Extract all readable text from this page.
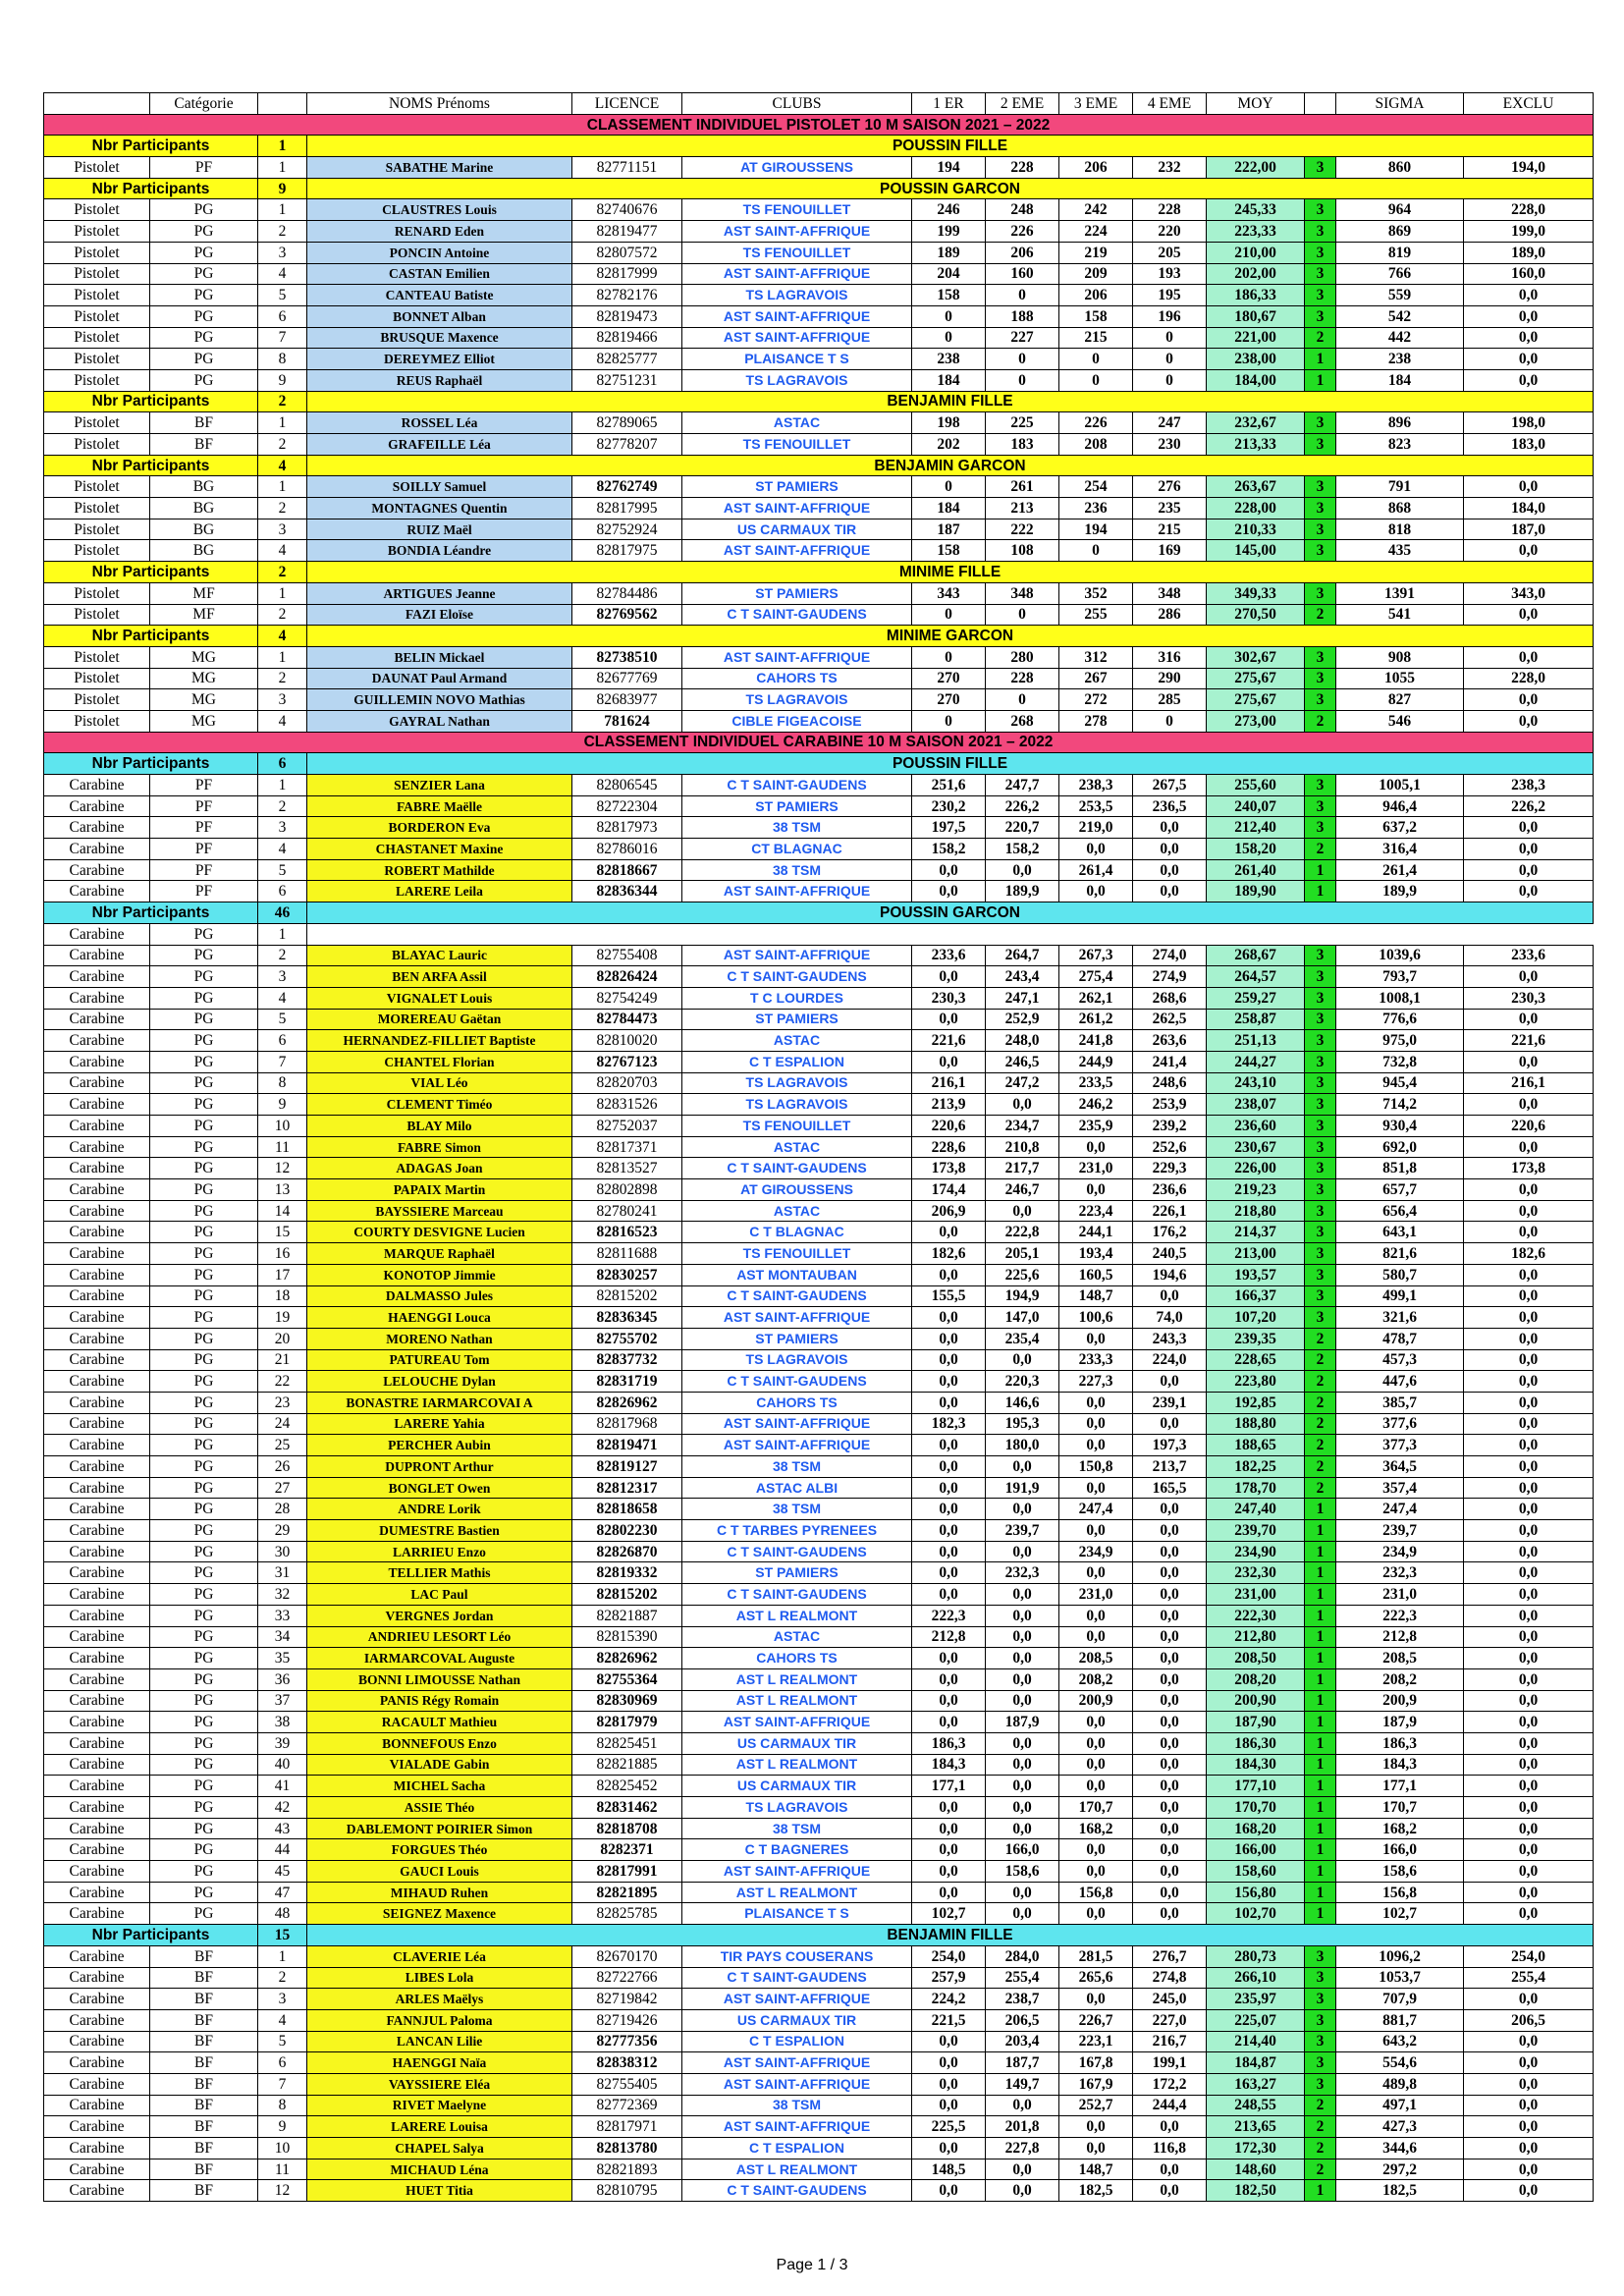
	Catégorie		NOMS Prénoms	LICENCE	CLUBS	1 ER	2 EME	3 EME	4 EME	MOY		SIGMA	EXCLU
CLASSEMENT INDIVIDUEL PISTOLET 10 M SAISON 2021 – 2022													
Nbr Participants		1	POUSSIN FILLE										
Pistolet	PF	1	SABATHE Marine	82771151	AT GIROUSSENS	194	228	206	232	222,00	3	860	194,0
Nbr Participants		9	POUSSIN GARCON										
Pistolet	PG	1	CLAUSTRES Louis	82740676	TS FENOUILLET	246	248	242	228	245,33	3	964	228,0
Pistolet	PG	2	RENARD Eden	82819477	AST SAINT-AFFRIQUE	199	226	224	220	223,33	3	869	199,0
Pistolet	PG	3	PONCIN Antoine	82807572	TS FENOUILLET	189	206	219	205	210,00	3	819	189,0
Pistolet	PG	4	CASTAN Emilien	82817999	AST SAINT-AFFRIQUE	204	160	209	193	202,00	3	766	160,0
Pistolet	PG	5	CANTEAU Batiste	82782176	TS LAGRAVOIS	158	0	206	195	186,33	3	559	0,0
Pistolet	PG	6	BONNET Alban	82819473	AST SAINT-AFFRIQUE	0	188	158	196	180,67	3	542	0,0
Pistolet	PG	7	BRUSQUE Maxence	82819466	AST SAINT-AFFRIQUE	0	227	215	0	221,00	2	442	0,0
Pistolet	PG	8	DEREYMEZ Elliot	82825777	PLAISANCE T S	238	0	0	0	238,00	1	238	0,0
Pistolet	PG	9	REUS Raphaël	82751231	TS LAGRAVOIS	184	0	0	0	184,00	1	184	0,0
Nbr Participants		2	BENJAMIN FILLE										
Pistolet	BF	1	ROSSEL Léa	82789065	ASTAC	198	225	226	247	232,67	3	896	198,0
Pistolet	BF	2	GRAFEILLE Léa	82778207	TS FENOUILLET	202	183	208	230	213,33	3	823	183,0
Nbr Participants		4	BENJAMIN GARCON										
Pistolet	BG	1	SOILLY Samuel	82762749	ST PAMIERS	0	261	254	276	263,67	3	791	0,0
Pistolet	BG	2	MONTAGNES Quentin	82817995	AST SAINT-AFFRIQUE	184	213	236	235	228,00	3	868	184,0
Pistolet	BG	3	RUIZ Maël	82752924	US CARMAUX TIR	187	222	194	215	210,33	3	818	187,0
Pistolet	BG	4	BONDIA Léandre	82817975	AST SAINT-AFFRIQUE	158	108	0	169	145,00	3	435	0,0
Nbr Participants		2	MINIME FILLE										
Pistolet	MF	1	ARTIGUES Jeanne	82784486	ST PAMIERS	343	348	352	348	349,33	3	1391	343,0
Pistolet	MF	2	FAZI Eloïse	82769562	C T SAINT-GAUDENS	0	0	255	286	270,50	2	541	0,0
Nbr Participants		4	MINIME GARCON										
Pistolet	MG	1	BELIN Mickael	82738510	AST SAINT-AFFRIQUE	0	280	312	316	302,67	3	908	0,0
Pistolet	MG	2	DAUNAT Paul Armand	82677769	CAHORS TS	270	228	267	290	275,67	3	1055	228,0
Pistolet	MG	3	GUILLEMIN NOVO Mathias	82683977	TS LAGRAVOIS	270	0	272	285	275,67	3	827	0,0
Pistolet	MG	4	GAYRAL Nathan	781624	CIBLE FIGEACOISE	0	268	278	0	273,00	2	546	0,0
CLASSEMENT INDIVIDUEL CARABINE 10 M SAISON 2021 – 2022													
Nbr Participants		6	POUSSIN FILLE										
Carabine	PF	1	SENZIER Lana	82806545	C T SAINT-GAUDENS	251,6	247,7	238,3	267,5	255,60	3	1005,1	238,3
Carabine	PF	2	FABRE Maëlle	82722304	ST PAMIERS	230,2	226,2	253,5	236,5	240,07	3	946,4	226,2
Carabine	PF	3	BORDERON Eva	82817973	38 TSM	197,5	220,7	219,0	0,0	212,40	3	637,2	0,0
Carabine	PF	4	CHASTANET Maxine	82786016	CT BLAGNAC	158,2	158,2	0,0	0,0	158,20	2	316,4	0,0
Carabine	PF	5	ROBERT Mathilde	82818667	38 TSM	0,0	0,0	261,4	0,0	261,40	1	261,4	0,0
Carabine	PF	6	LARERE Leila	82836344	AST SAINT-AFFRIQUE	0,0	189,9	0,0	0,0	189,90	1	189,9	0,0
Nbr Participants		46	POUSSIN GARCON										
Carabine	PG	1											
Carabine	PG	2	BLAYAC Lauric	82755408	AST SAINT-AFFRIQUE	233,6	264,7	267,3	274,0	268,67	3	1039,6	233,6
Carabine	PG	3	BEN ARFA Assil	82826424	C T SAINT-GAUDENS	0,0	243,4	275,4	274,9	264,57	3	793,7	0,0
Carabine	PG	4	VIGNALET Louis	82754249	T C LOURDES	230,3	247,1	262,1	268,6	259,27	3	1008,1	230,3
Carabine	PG	5	MOREREAU Gaëtan	82784473	ST PAMIERS	0,0	252,9	261,2	262,5	258,87	3	776,6	0,0
Carabine	PG	6	HERNANDEZ-FILLIET Baptiste	82810020	ASTAC	221,6	248,0	241,8	263,6	251,13	3	975,0	221,6
Carabine	PG	7	CHANTEL Florian	82767123	C T ESPALION	0,0	246,5	244,9	241,4	244,27	3	732,8	0,0
Carabine	PG	8	VIAL Léo	82820703	TS LAGRAVOIS	216,1	247,2	233,5	248,6	243,10	3	945,4	216,1
Carabine	PG	9	CLEMENT Timéo	82831526	TS LAGRAVOIS	213,9	0,0	246,2	253,9	238,07	3	714,2	0,0
Carabine	PG	10	BLAY Milo	82752037	TS FENOUILLET	220,6	234,7	235,9	239,2	236,60	3	930,4	220,6
Carabine	PG	11	FABRE Simon	82817371	ASTAC	228,6	210,8	0,0	252,6	230,67	3	692,0	0,0
Carabine	PG	12	ADAGAS Joan	82813527	C T SAINT-GAUDENS	173,8	217,7	231,0	229,3	226,00	3	851,8	173,8
Carabine	PG	13	PAPAIX Martin	82802898	AT GIROUSSENS	174,4	246,7	0,0	236,6	219,23	3	657,7	0,0
Carabine	PG	14	BAYSSIERE Marceau	82780241	ASTAC	206,9	0,0	223,4	226,1	218,80	3	656,4	0,0
Carabine	PG	15	COURTY DESVIGNE Lucien	82816523	C T BLAGNAC	0,0	222,8	244,1	176,2	214,37	3	643,1	0,0
Carabine	PG	16	MARQUE Raphaël	82811688	TS FENOUILLET	182,6	205,1	193,4	240,5	213,00	3	821,6	182,6
Carabine	PG	17	KONOTOP Jimmie	82830257	AST MONTAUBAN	0,0	225,6	160,5	194,6	193,57	3	580,7	0,0
Carabine	PG	18	DALMASSO Jules	82815202	C T SAINT-GAUDENS	155,5	194,9	148,7	0,0	166,37	3	499,1	0,0
Carabine	PG	19	HAENGGI Louca	82836345	AST SAINT-AFFRIQUE	0,0	147,0	100,6	74,0	107,20	3	321,6	0,0
Carabine	PG	20	MORENO Nathan	82755702	ST PAMIERS	0,0	235,4	0,0	243,3	239,35	2	478,7	0,0
Carabine	PG	21	PATUREAU Tom	82837732	TS LAGRAVOIS	0,0	0,0	233,3	224,0	228,65	2	457,3	0,0
Carabine	PG	22	LELOUCHE Dylan	82831719	C T SAINT-GAUDENS	0,0	220,3	227,3	0,0	223,80	2	447,6	0,0
Carabine	PG	23	BONASTRE IARMARCOVAI A	82826962	CAHORS TS	0,0	146,6	0,0	239,1	192,85	2	385,7	0,0
Carabine	PG	24	LARERE Yahia	82817968	AST SAINT-AFFRIQUE	182,3	195,3	0,0	0,0	188,80	2	377,6	0,0
Carabine	PG	25	PERCHER Aubin	82819471	AST SAINT-AFFRIQUE	0,0	180,0	0,0	197,3	188,65	2	377,3	0,0
Carabine	PG	26	DUPRONT Arthur	82819127	38 TSM	0,0	0,0	150,8	213,7	182,25	2	364,5	0,0
Carabine	PG	27	BONGLET Owen	82812317	ASTAC ALBI	0,0	191,9	0,0	165,5	178,70	2	357,4	0,0
Carabine	PG	28	ANDRE Lorik	82818658	38 TSM	0,0	0,0	247,4	0,0	247,40	1	247,4	0,0
Carabine	PG	29	DUMESTRE Bastien	82802230	C T TARBES PYRENEES	0,0	239,7	0,0	0,0	239,70	1	239,7	0,0
Carabine	PG	30	LARRIEU Enzo	82826870	C T SAINT-GAUDENS	0,0	0,0	234,9	0,0	234,90	1	234,9	0,0
Carabine	PG	31	TELLIER Mathis	82819332	ST PAMIERS	0,0	232,3	0,0	0,0	232,30	1	232,3	0,0
Carabine	PG	32	LAC Paul	82815202	C T SAINT-GAUDENS	0,0	0,0	231,0	0,0	231,00	1	231,0	0,0
Carabine	PG	33	VERGNES Jordan	82821887	AST L REALMONT	222,3	0,0	0,0	0,0	222,30	1	222,3	0,0
Carabine	PG	34	ANDRIEU LESORT Léo	82815390	ASTAC	212,8	0,0	0,0	0,0	212,80	1	212,8	0,0
Carabine	PG	35	IARMARCOVAL Auguste	82826962	CAHORS TS	0,0	0,0	208,5	0,0	208,50	1	208,5	0,0
Carabine	PG	36	BONNI LIMOUSSE Nathan	82755364	AST L REALMONT	0,0	0,0	208,2	0,0	208,20	1	208,2	0,0
Carabine	PG	37	PANIS Régy Romain	82830969	AST L REALMONT	0,0	0,0	200,9	0,0	200,90	1	200,9	0,0
Carabine	PG	38	RACAULT Mathieu	82817979	AST SAINT-AFFRIQUE	0,0	187,9	0,0	0,0	187,90	1	187,9	0,0
Carabine	PG	39	BONNEFOUS Enzo	82825451	US CARMAUX TIR	186,3	0,0	0,0	0,0	186,30	1	186,3	0,0
Carabine	PG	40	VIALADE Gabin	82821885	AST L REALMONT	184,3	0,0	0,0	0,0	184,30	1	184,3	0,0
Carabine	PG	41	MICHEL Sacha	82825452	US CARMAUX TIR	177,1	0,0	0,0	0,0	177,10	1	177,1	0,0
Carabine	PG	42	ASSIE Théo	82831462	TS LAGRAVOIS	0,0	0,0	170,7	0,0	170,70	1	170,7	0,0
Carabine	PG	43	DABLEMONT POIRIER Simon	82818708	38 TSM	0,0	0,0	168,2	0,0	168,20	1	168,2	0,0
Carabine	PG	44	FORGUES Théo	8282371	C T BAGNERES	0,0	166,0	0,0	0,0	166,00	1	166,0	0,0
Carabine	PG	45	GAUCI Louis	82817991	AST SAINT-AFFRIQUE	0,0	158,6	0,0	0,0	158,60	1	158,6	0,0
Carabine	PG	47	MIHAUD Ruhen	82821895	AST L REALMONT	0,0	0,0	156,8	0,0	156,80	1	156,8	0,0
Carabine	PG	48	SEIGNEZ Maxence	82825785	PLAISANCE T S	102,7	0,0	0,0	0,0	102,70	1	102,7	0,0
Nbr Participants		15	BENJAMIN FILLE										
Carabine	BF	1	CLAVERIE Léa	82670170	TIR PAYS COUSERANS	254,0	284,0	281,5	276,7	280,73	3	1096,2	254,0
Carabine	BF	2	LIBES Lola	82722766	C T SAINT-GAUDENS	257,9	255,4	265,6	274,8	266,10	3	1053,7	255,4
Carabine	BF	3	ARLES Maëlys	82719842	AST SAINT-AFFRIQUE	224,2	238,7	0,0	245,0	235,97	3	707,9	0,0
Carabine	BF	4	FANNJUL Paloma	82719426	US CARMAUX TIR	221,5	206,5	226,7	227,0	225,07	3	881,7	206,5
Carabine	BF	5	LANCAN Lilie	82777356	C T ESPALION	0,0	203,4	223,1	216,7	214,40	3	643,2	0,0
Carabine	BF	6	HAENGGI Naïa	82838312	AST SAINT-AFFRIQUE	0,0	187,7	167,8	199,1	184,87	3	554,6	0,0
Carabine	BF	7	VAYSSIERE Eléa	82755405	AST SAINT-AFFRIQUE	0,0	149,7	167,9	172,2	163,27	3	489,8	0,0
Carabine	BF	8	RIVET Maelyne	82772369	38 TSM	0,0	0,0	252,7	244,4	248,55	2	497,1	0,0
Carabine	BF	9	LARERE Louisa	82817971	AST SAINT-AFFRIQUE	225,5	201,8	0,0	0,0	213,65	2	427,3	0,0
Carabine	BF	10	CHAPEL Salya	82813780	C T ESPALION	0,0	227,8	0,0	116,8	172,30	2	344,6	0,0
Carabine	BF	11	MICHAUD Léna	82821893	AST L REALMONT	148,5	0,0	148,7	0,0	148,60	2	297,2	0,0
Carabine	BF	12	HUET Titia	82810795	C T SAINT-GAUDENS	0,0	0,0	182,5	0,0	182,50	1	182,5	0,0
Page 1 / 3
